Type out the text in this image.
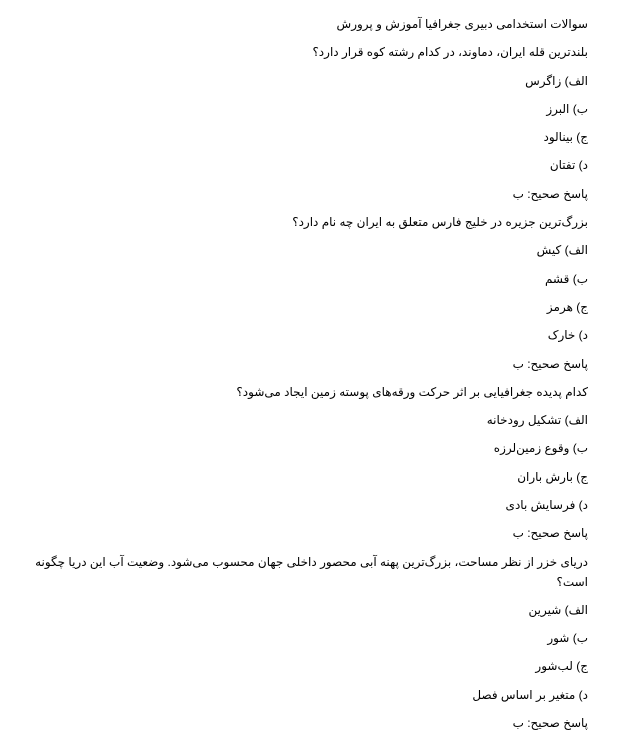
سوالات استخدامی دبیری جغرافیا آموزش و پرورش
بلندترین قله ایران، دماوند، در کدام رشته کوه قرار دارد؟
الف) زاگرس
ب) البرز
ج) بینالود
د) تفتان
پاسخ صحیح: ب
بزرگ‌ترین جزیره در خلیج فارس متعلق به ایران چه نام دارد؟
الف) کیش
ب) قشم
ج) هرمز
د) خارک
پاسخ صحیح: ب
کدام پدیده جغرافیایی بر اثر حرکت ورقه‌های پوسته زمین ایجاد می‌شود؟
الف) تشکیل رودخانه
ب) وقوع زمین‌لرزه
ج) بارش باران
د) فرسایش بادی
پاسخ صحیح: ب
دریای خزر از نظر مساحت، بزرگ‌ترین پهنه آبی محصور داخلی جهان محسوب می‌شود. وضعیت آب این دریا چگونه است؟
الف) شیرین
ب) شور
ج) لب‌شور
د) متغیر بر اساس فصل
پاسخ صحیح: ب
